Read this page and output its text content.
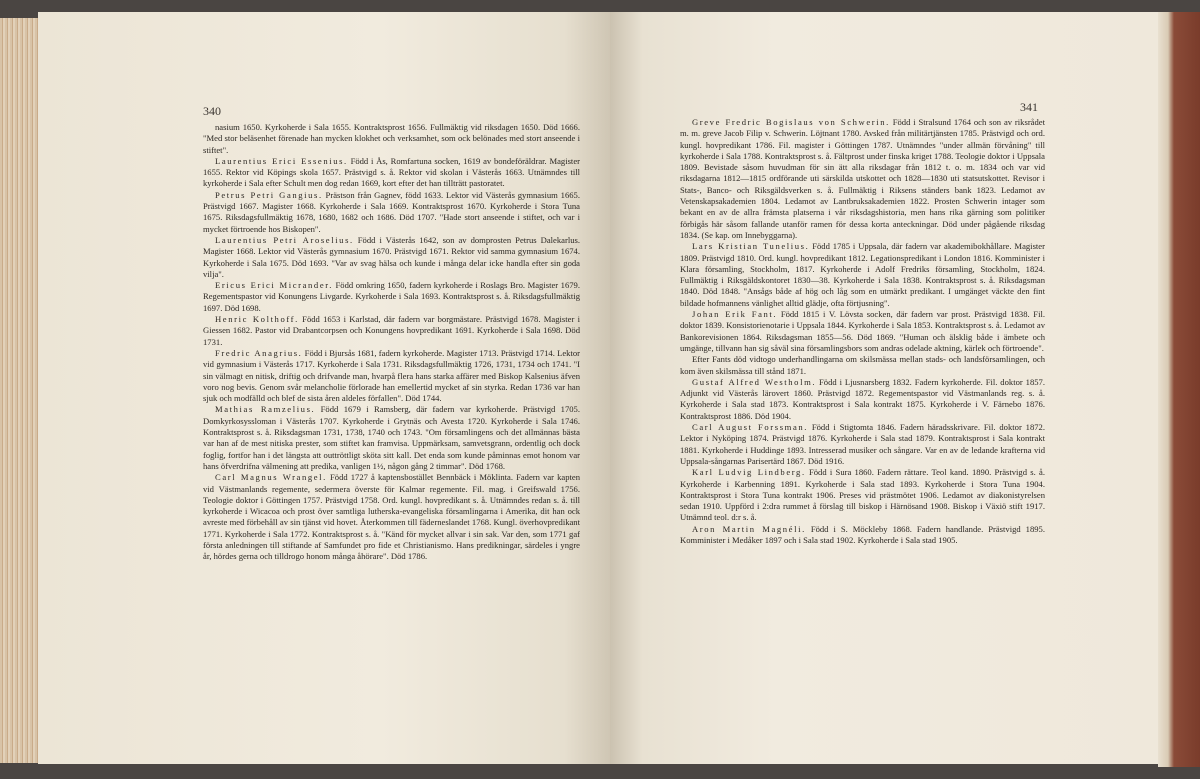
340

nasium 1650. Kyrkoherde i Sala 1655. Kontraktsprost 1656. Fullmäktig vid riksdagen 1650. Död 1666. "Med stor beläsenhet förenade han mycken klokhet och verksamhet, som ock belönades med stort anseende i stiftet".

Laurentius Erici Essenius. Född i Ås, Romfartuna socken, 1619 av bondeföräldrar. Magister 1655. Rektor vid Köpings skola 1657. Prästvigd s. å. Rektor vid skolan i Västerås 1663. Utnämndes till kyrkoherde i Sala efter Schult men dog redan 1669, kort efter det han tillträtt pastoratet.

Petrus Petri Gangius. Prästson från Gagnev, född 1633. Lektor vid Västerås gymnasium 1665. Prästvigd 1667. Magister 1668. Kyrkoherde i Sala 1669. Kontraktsprost 1670. Kyrkoherde i Stora Tuna 1675. Riksdagsfullmäktig 1678, 1680, 1682 och 1686. Död 1707. "Hade stort anseende i stiftet, och var i mycket förtroende hos Biskopen".

Laurentius Petri Aroselius. Född i Västerås 1642, son av domprosten Petrus Dalekarlus. Magister 1668. Lektor vid Västerås gymnasium 1670. Prästvigd 1671. Rektor vid samma gymnasium 1674. Kyrkoherde i Sala 1675. Död 1693. "Var av svag hälsa och kunde i många delar icke handla efter sin goda vilja".

Ericus Erici Micrander. Född omkring 1650, fadern kyrkoherde i Roslags Bro. Magister 1679. Regementspastor vid Konungens Livgarde. Kyrkoherde i Sala 1693. Kontraktsprost s. å. Riksdagsfullmäktig 1697. Död 1698.

Henric Kolthoff. Född 1653 i Karlstad, där fadern var borgmästare. Prästvigd 1678. Magister i Giessen 1682. Pastor vid Drabantcorpsen och Konungens hovpredikant 1691. Kyrkoherde i Sala 1698. Död 1731.

Fredric Anagrius. Född i Bjursås 1681, fadern kyrkoherde. Magister 1713. Prästvigd 1714. Lektor vid gymnasium i Västerås 1717. Kyrkoherde i Sala 1731. Riksdagsfullmäktig 1726, 1731, 1734 och 1741. "I sin välmagt en nitisk, driftig och drifvande man, hvarpå flera hans starka affärer med Biskop Kalsenius äfven voro nog bevis. Genom svår melancholie förlorade han emellertid mycket af sin styrka. Redan 1736 var han sjuk och modfälld och blef de sista åren aldeles förfallen". Död 1744.

Mathias Ramzelius. Född 1679 i Ramsberg, där fadern var kyrkoherde. Prästvigd 1705. Domkyrkosyssloman i Västerås 1707. Kyrkoherde i Grytnäs och Avesta 1720. Kyrkoherde i Sala 1746. Kontraktsprost s. å. Riksdagsman 1731, 1738, 1740 och 1743. "Om församlingens och det allmännas bästa var han af de mest nitiska prester, som stiftet kan framvisa. Uppmärksam, samvetsgrann, ordentlig och dock foglig, fortfor han i det längsta att outtröttligt sköta sitt kall. Det enda som kunde påminnas emot honom var hans öfverdrifna välmening att predika, vanligen 1½, någon gång 2 timmar". Död 1768.

Carl Magnus Wrangel. Född 1727 å kaptensbostället Bennbäck i Möklinta. Fadern var kapten vid Västmanlands regemente, sedermera överste för Kalmar regemente. Fil. mag. i Greifswald 1756. Teologie doktor i Göttingen 1757. Prästvigd 1758. Ord. kungl. hovpredikant s. å. Utnämndes redan s. å. till kyrkoherde i Wicacoa och prost över samtliga lutherska-evangeliska församlingarna i Amerika, dit han ock avreste med förbehåll av sin tjänst vid hovet. Återkommen till fäderneslandet 1768. Kungl. överhovpredikant 1771. Kyrkoherde i Sala 1772. Kontraktsprost s. å. "Känd för mycket allvar i sin sak. Var den, som 1771 gaf första anledningen till stiftande af Samfundet pro fide et Christianismo. Hans predikningar, särdeles i yngre år, hördes gerna och tilldrogo honom många åhörare". Död 1786.

341

Greve Fredric Bogislaus von Schwerin. Född i Stralsund 1764 och son av riksrådet m. m. greve Jacob Filip v. Schwerin. Löjtnant 1780. Avsked från militärtjänsten 1785. Prästvigd och ord. kungl. hovpredikant 1786. Fil. magister i Göttingen 1787. Utnämndes "under allmän förvåning" till kyrkoherde i Sala 1788. Kontraktsprost s. å. Fältprost under finska kriget 1788. Teologie doktor i Uppsala 1809. Bevistade såsom huvudman för sin ätt alla riksdagar från 1812 t. o. m. 1834 och var vid riksdagarna 1812—1815 ordförande uti särskilda utskottet och 1828—1830 uti statsutskottet. Revisor i Stats-, Banco- och Riksgäldsverken s. å. Fullmäktig i Riksens ständers bank 1823. Ledamot av Vetenskapsakademien 1804. Ledamot av Lantbruksakademien 1822. Prosten Schwerin intager som bekant en av de allra främsta platserna i vår riksdagshistoria, men hans rika gärning som politiker förbigås här såsom fallande utanför ramen för dessa korta anteckningar. Död under pågående riksdag 1834. (Se kap. om Innebyggarna).

Lars Kristian Tunelius. Född 1785 i Uppsala, där fadern var akademibokhållare. Magister 1809. Prästvigd 1810. Ord. kungl. hovpredikant 1812. Legationspredikant i London 1816. Komminister i Klara församling, Stockholm, 1817. Kyrkoherde i Adolf Fredriks församling, Stockholm, 1824. Fullmäktig i Riksgäldskontoret 1830—38. Kyrkoherde i Sala 1838. Kontraktsprost s. å. Riksdagsman 1840. Död 1848. "Ansågs både af hög och låg som en utmärkt predikant. I umgänget väckte den fint bildade hofmannens vänlighet alltid glädje, ofta förtjusning".

Johan Erik Fant. Född 1815 i V. Lövsta socken, där fadern var prost. Prästvigd 1838. Fil. doktor 1839. Konsistorienotarie i Uppsala 1844. Kyrkoherde i Sala 1853. Kontraktsprost s. å. Ledamot av Bankorevisionen 1864. Riksdagsman 1855—56. Död 1869. "Human och älsklig både i ämbete och umgänge, tillvann han sig såväl sina församlingsbors som andras odelade aktning, kärlek och förtroende".

Efter Fants död vidtogo underhandlingarna om skilsmässa mellan stads- och landsförsamlingen, och kom även skilsmässa till stånd 1871.

Gustaf Alfred Westholm. Född i Ljusnarsberg 1832. Fadern kyrkoherde. Fil. doktor 1857. Adjunkt vid Västerås lärovert 1860. Prästvigd 1872. Regementspastor vid Västmanlands reg. s. å. Kyrkoherde i Sala stad 1873. Kontraktsprost i Sala kontrakt 1875. Kyrkoherde i V. Färnebo 1876. Kontraktsprost 1886. Död 1904.

Carl August Forssman. Född i Stigtomta 1846. Fadern häradsskrivare. Fil. doktor 1872. Lektor i Nyköping 1874. Prästvigd 1876. Kyrkoherde i Sala stad 1879. Kontraktsprost i Sala kontrakt 1881. Kyrkoherde i Huddinge 1893. Intresserad musiker och sångare. Var en av de ledande krafterna vid Uppsala-sångarnas Parisertärd 1867. Död 1916.

Karl Ludvig Lindberg. Född i Sura 1860. Fadern rättare. Teol kand. 1890. Prästvigd s. å. Kyrkoherde i Karbenning 1891. Kyrkoherde i Sala stad 1893. Kyrkoherde i Stora Tuna 1904. Kontraktsprost i Stora Tuna kontrakt 1906. Preses vid prästmötet 1906. Ledamot av diakonistyrelsen sedan 1910. Uppförd i 2:dra rummet å förslag till biskop i Härnösand 1908. Biskop i Växiö stift 1917. Utnämnd teol. d:r s. å.

Aron Martin Magnéli. Född i S. Möckleby 1868. Fadern handlande. Prästvigd 1895. Komminister i Medåker 1897 och i Sala stad 1902. Kyrkoherde i Sala stad 1905.
